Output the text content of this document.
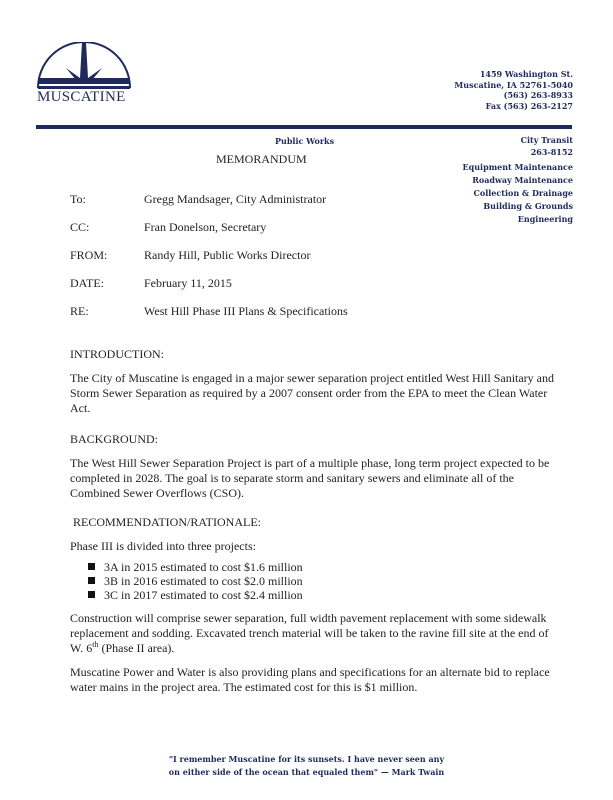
MUSCATINE
1459 Washington St.
Muscatine, IA 52761-5040
(563) 263-8933
Fax (563) 263-2127
Public Works	City Transit
263-8152
Equipment Maintenance
Roadway Maintenance
Collection & Drainage
Building & Grounds
Engineering
MEMORANDUM
To:	Gregg Mandsager, City Administrator
CC:	Fran Donelson, Secretary
FROM:	Randy Hill, Public Works Director
DATE:	February 11, 2015
RE:	West Hill Phase III Plans & Specifications
INTRODUCTION:
The City of Muscatine is engaged in a major sewer separation project entitled West Hill Sanitary and Storm Sewer Separation as required by a 2007 consent order from the EPA to meet the Clean Water Act.
BACKGROUND:
The West Hill Sewer Separation Project is part of a multiple phase, long term project expected to be completed in 2028. The goal is to separate storm and sanitary sewers and eliminate all of the Combined Sewer Overflows (CSO).
RECOMMENDATION/RATIONALE:
Phase III is divided into three projects:
3A in 2015 estimated to cost $1.6 million
3B in 2016 estimated to cost $2.0 million
3C in 2017 estimated to cost $2.4 million
Construction will comprise sewer separation, full width pavement replacement with some sidewalk replacement and sodding. Excavated trench material will be taken to the ravine fill site at the end of W. 6th (Phase II area).
Muscatine Power and Water is also providing plans and specifications for an alternate bid to replace water mains in the project area. The estimated cost for this is $1 million.
"I remember Muscatine for its sunsets. I have never seen any
on either side of the ocean that equaled them" — Mark Twain
